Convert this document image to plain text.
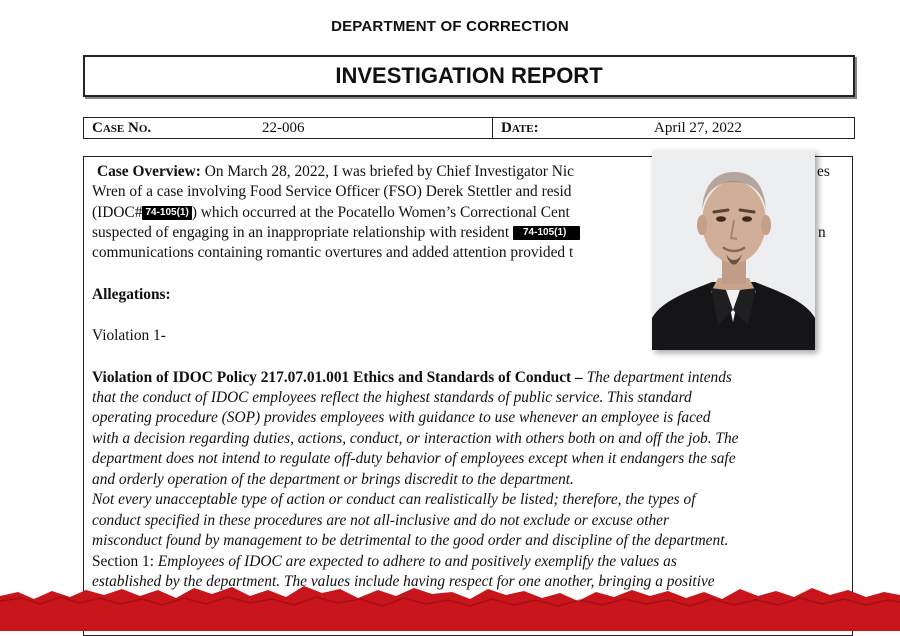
DEPARTMENT OF CORRECTION
INVESTIGATION REPORT
Case No.	22-006	Date:	April 27, 2022
Case Overview: On March 28, 2022, I was briefed by Chief Investigator Nic	es
Wren of a case involving Food Service Officer (FSO) Derek Stettler and resid
(IDOC# 74-105(1) ) which occurred at the Pocatello Women’s Correctional Cent
suspected of engaging in an inappropriate relationship with resident 74-105(1)	n
communications containing romantic overtures and added attention provided t
Allegations:
Violation 1-
Violation of IDOC Policy 217.07.01.001 Ethics and Standards of Conduct – The department intends
that the conduct of IDOC employees reflect the highest standards of public service. This standard
operating procedure (SOP) provides employees with guidance to use whenever an employee is faced
with a decision regarding duties, actions, conduct, or interaction with others both on and off the job. The
department does not intend to regulate off-duty behavior of employees except when it endangers the safe
and orderly operation of the department or brings discredit to the department.
Not every unacceptable type of action or conduct can realistically be listed; therefore, the types of
conduct specified in these procedures are not all-inclusive and do not exclude or excuse other
misconduct found by management to be detrimental to the good order and discipline of the department.
Section 1: Employees of IDOC are expected to adhere to and positively exemplify the values as
established by the department. The values include having respect for one another, bringing a positive
